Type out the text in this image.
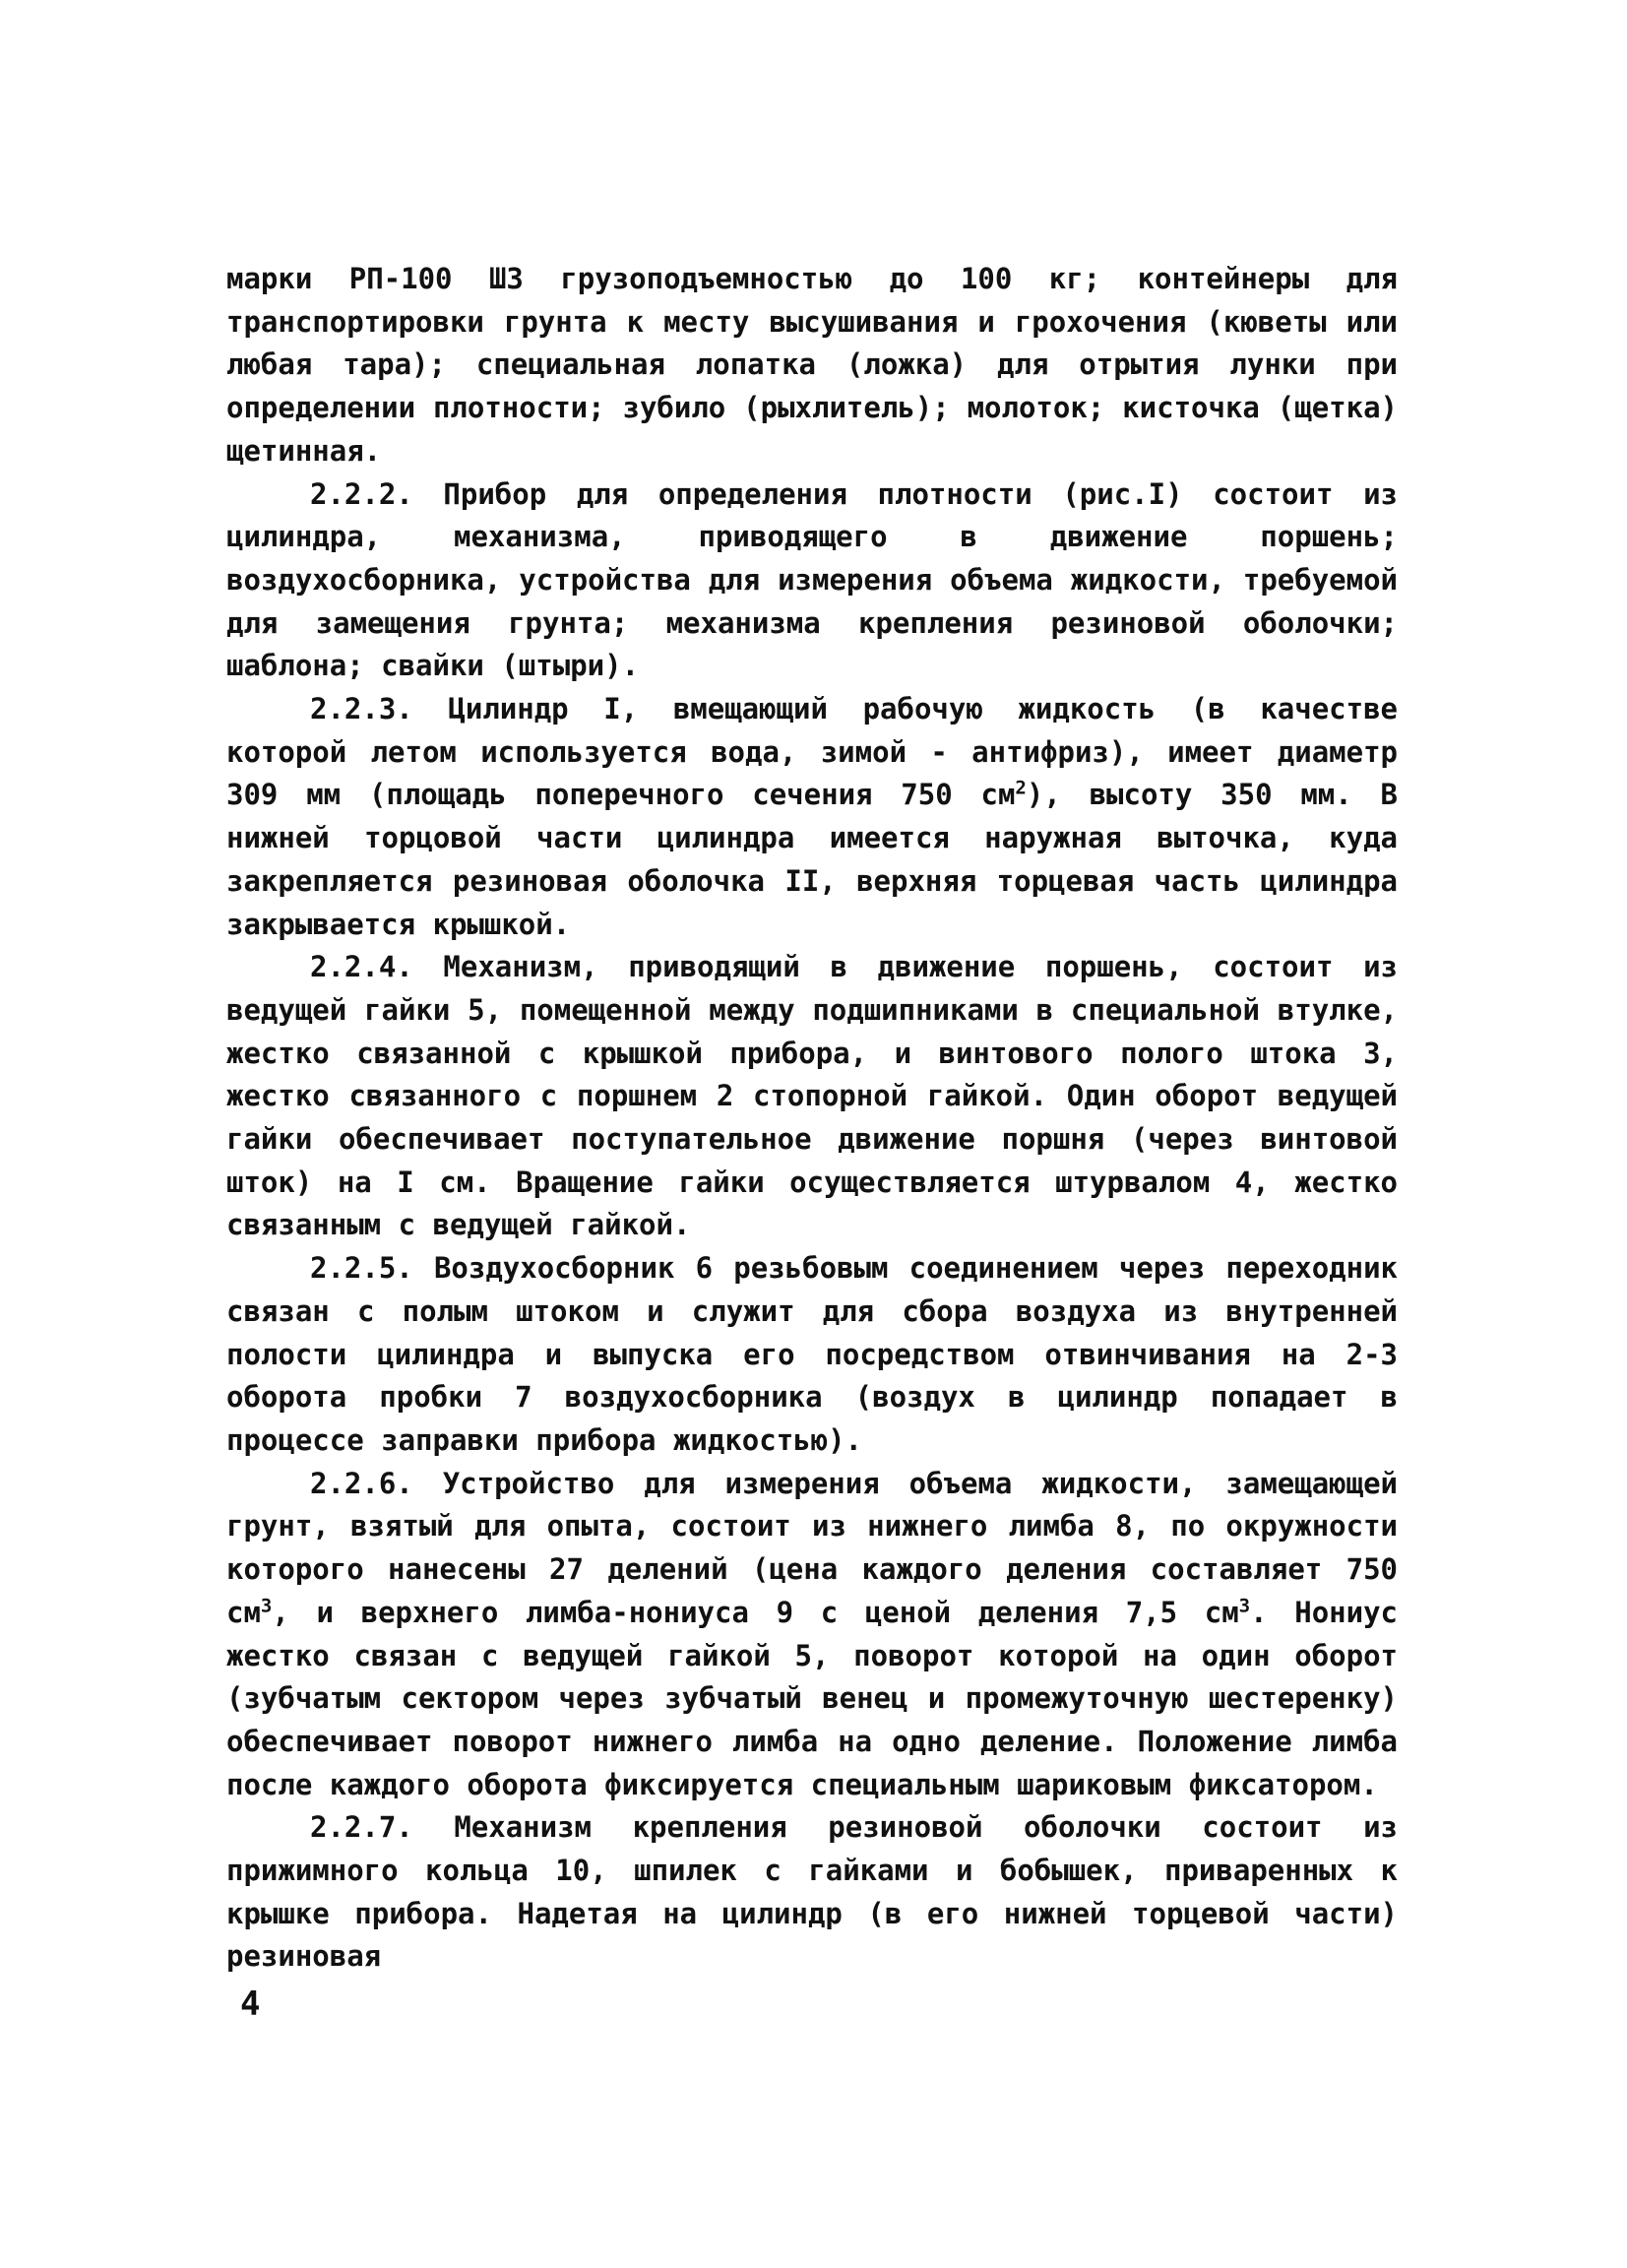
марки РП-100 ШЗ грузоподъемностью до 100 кг; контейнеры для транспортировки грунта к месту высушивания и грохочения (кюветы или любая тара); специальная лопатка (ложка) для отрытия лунки при определении плотности; зубило (рыхлитель); молоток; кисточка (щетка) щетинная.

2.2.2. Прибор для определения плотности (рис.I) состоит из цилиндра, механизма, приводящего в движение поршень; воздухосборника, устройства для измерения объема жидкости, требуемой для замещения грунта; механизма крепления резиновой оболочки; шаблона; свайки (штыри).

2.2.3. Цилиндр I, вмещающий рабочую жидкость (в качестве которой летом используется вода, зимой - антифриз), имеет диаметр 309 мм (площадь поперечного сечения 750 $см^2$), высоту 350 мм. В нижней торцовой части цилиндра имеется наружная выточка, куда закрепляется резиновая оболочка II, верхняя торцевая часть цилиндра закрывается крышкой.

2.2.4. Механизм, приводящий в движение поршень, состоит из ведущей гайки 5, помещенной между подшипниками в специальной втулке, жестко связанной с крышкой прибора, и винтового полого штока 3, жестко связанного с поршнем 2 стопорной гайкой. Один оборот ведущей гайки обеспечивает поступательное движение поршня (через винтовой шток) на I см. Вращение гайки осуществляется штурвалом 4, жестко связанным с ведущей гайкой.

2.2.5. Воздухосборник 6 резьбовым соединением через переходник связан с полым штоком и служит для сбора воздуха из внутренней полости цилиндра и выпуска его посредством отвинчивания на 2-3 оборота пробки 7 воздухосборника (воздух в цилиндр попадает в процессе заправки прибора жидкостью).

2.2.6. Устройство для измерения объема жидкости, замещающей грунт, взятый для опыта, состоит из нижнего лимба 8, по окружности которого нанесены 27 делений (цена каждого деления составляет 750 $см^3$, и верхнего лимба-нониуса 9 с ценой деления 7,5 $см^3$. Нониус жестко связан с ведущей гайкой 5, поворот которой на один оборот (зубчатым сектором через зубчатый венец и промежуточную шестеренку) обеспечивает поворот нижнего лимба на одно деление. Положение лимба после каждого оборота фиксируется специальным шариковым фиксатором.

2.2.7. Механизм крепления резиновой оболочки состоит из прижимного кольца 10, шпилек с гайками и бобышек, приваренных к крышке прибора. Надетая на цилиндр (в его нижней торцевой части) резиновая

4
